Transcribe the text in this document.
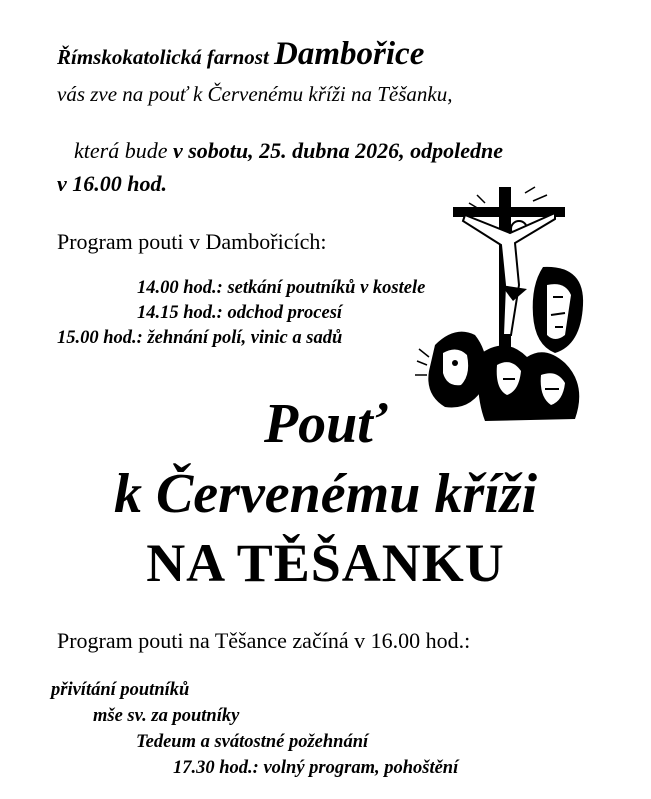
Římskokatolická farnost Dambořice
vás zve na pouť k Červenému kříži na Těšanku,
která bude v sobotu, 25. dubna 2026, odpoledne
v 16.00 hod.
Program pouti v Dambořicích:
14.00 hod.: setkání poutníků v kostele
14.15 hod.: odchod procesí
15.00 hod.: žehnání polí, vinic a sadů
Pouť
k Červenému kříži
NA TĚŠANKU
Program pouti na Těšance začíná v 16.00 hod.:
přivítání poutníků
mše sv. za poutníky
Tedeum a svátostné požehnání
17.30 hod.: volný program, pohoštění
